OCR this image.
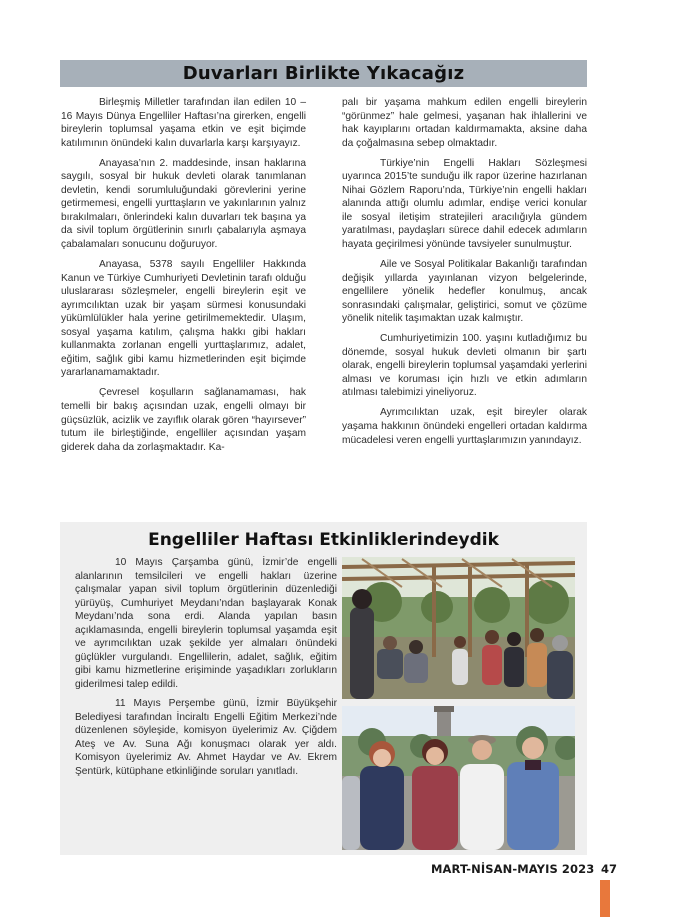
Duvarları Birlikte Yıkacağız

Birleşmiş Milletler tarafından ilan edilen 10 – 16 Mayıs Dünya Engelliler Haftası’na girerken, engelli bireylerin toplumsal yaşama etkin ve eşit biçimde katılımının önündeki kalın duvarlarla karşı karşıyayız.

Anayasa’nın 2. maddesinde, insan haklarına saygılı, sosyal bir hukuk devleti olarak tanımlanan devletin, kendi sorumluluğundaki görevlerini yerine getirmemesi, engelli yurttaşların ve yakınlarının yalnız bırakılmaları, önlerindeki kalın duvarları tek başına ya da sivil toplum örgütlerinin sınırlı çabalarıyla aşmaya çabalamaları sonucunu doğuruyor.

Anayasa, 5378 sayılı Engelliler Hakkında Kanun ve Türkiye Cumhuriyeti Devletinin tarafı olduğu uluslararası sözleşmeler, engelli bireylerin eşit ve ayrımcılıktan uzak bir yaşam sürmesi konusundaki yükümlülükler hala yerine getirilmemektedir. Ulaşım, sosyal yaşama katılım, çalışma hakkı gibi hakları kullanmakta zorlanan engelli yurttaşlarımız, adalet, eğitim, sağlık gibi kamu hizmetlerinden eşit biçimde yararlanamamaktadır.

Çevresel koşulların sağlanamaması, hak temelli bir bakış açısından uzak, engelli olmayı bir güçsüzlük, acizlik ve zayıflık olarak gören “hayırsever” tutum ile birleştiğinde, engelliler açısından yaşam giderek daha da zorlaşmaktadır. Ka-

palı bir yaşama mahkum edilen engelli bireylerin “görünmez” hale gelmesi, yaşanan hak ihlallerini ve hak kayıplarını ortadan kaldırmamakta, aksine daha da çoğalmasına sebep olmaktadır.

Türkiye’nin Engelli Hakları Sözleşmesi uyarınca 2015’te sunduğu ilk rapor üzerine hazırlanan Nihai Gözlem Raporu’nda, Türkiye’nin engelli hakları alanında attığı olumlu adımlar, endişe verici konular ile sosyal iletişim stratejileri aracılığıyla gündem yaratılması, paydaşları sürece dahil edecek adımların hayata geçirilmesi yönünde tavsiyeler sunulmuştur.

Aile ve Sosyal Politikalar Bakanlığı tarafından değişik yıllarda yayınlanan vizyon belgelerinde, engellilere yönelik hedefler konulmuş, ancak sonrasındaki çalışmalar, geliştirici, somut ve çözüme yönelik nitelik taşımaktan uzak kalmıştır.

Cumhuriyetimizin 100. yaşını kutladığımız bu dönemde, sosyal hukuk devleti olmanın bir şartı olarak, engelli bireylerin toplumsal yaşamdaki yerlerini alması ve koruması için hızlı ve etkin adımların atılması talebimizi yineliyoruz.

Ayrımcılıktan uzak, eşit bireyler olarak yaşama hakkının önündeki engelleri ortadan kaldırma mücadelesi veren engelli yurttaşlarımızın yanındayız.

Engelliler Haftası Etkinliklerindeydik

10 Mayıs Çarşamba günü, İzmir’de engelli alanlarının temsilcileri ve engelli hakları üzerine çalışmalar yapan sivil toplum örgütlerinin düzenlediği yürüyüş, Cumhuriyet Meydanı’ndan başlayarak Konak Meydanı’nda sona erdi. Alanda yapılan basın açıklamasında, engelli bireylerin toplumsal yaşamda eşit ve ayrımcılıktan uzak şekilde yer almaları önündeki güçlükler vurgulandı. Engellilerin, adalet, sağlık, eğitim gibi kamu hizmetlerine erişiminde yaşadıkları zorlukların giderilmesi talep edildi.

11 Mayıs Perşembe günü, İzmir Büyükşehir Belediyesi tarafından İnciraltı Engelli Eğitim Merkezi’nde düzenlenen söyleşide, komisyon üyelerimiz Av. Çiğdem Ateş ve Av. Suna Ağı konuşmacı olarak yer aldı. Komisyon üyelerimiz Av. Ahmet Haydar ve Av. Ekrem Şentürk, kütüphane etkinliğinde soruları yanıtladı.

MART-NİSAN-MAYIS 2023 47
